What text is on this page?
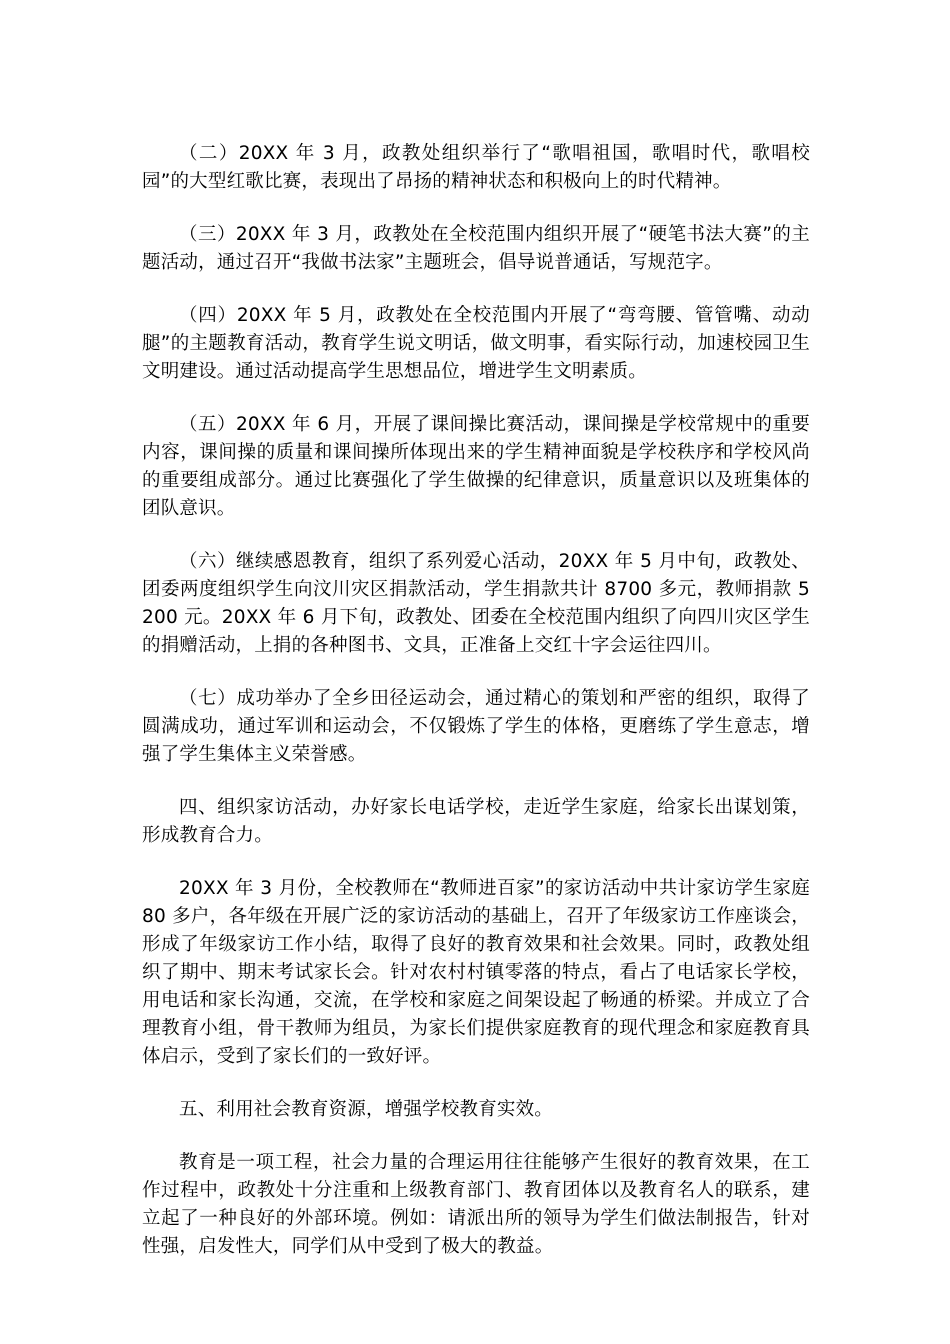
（二）20XX 年 3 月，政教处组织举行了“歌唱祖国，歌唱时代，歌唱校园”的大型红歌比赛，表现出了昂扬的精神状态和积极向上的时代精神。

（三）20XX 年 3 月，政教处在全校范围内组织开展了“硬笔书法大赛”的主题活动，通过召开“我做书法家”主题班会，倡导说普通话，写规范字。

（四）20XX 年 5 月，政教处在全校范围内开展了“弯弯腰、管管嘴、动动腿”的主题教育活动，教育学生说文明话，做文明事，看实际行动，加速校园卫生文明建设。通过活动提高学生思想品位，增进学生文明素质。

（五）20XX 年 6 月，开展了课间操比赛活动，课间操是学校常规中的重要内容，课间操的质量和课间操所体现出来的学生精神面貌是学校秩序和学校风尚的重要组成部分。通过比赛强化了学生做操的纪律意识，质量意识以及班集体的团队意识。

（六）继续感恩教育，组织了系列爱心活动，20XX 年 5 月中旬，政教处、团委两度组织学生向汶川灾区捐款活动，学生捐款共计 8700 多元，教师捐款 5200 元。20XX 年 6 月下旬，政教处、团委在全校范围内组织了向四川灾区学生的捐赠活动，上捐的各种图书、文具，正准备上交红十字会运往四川。

（七）成功举办了全乡田径运动会，通过精心的策划和严密的组织，取得了圆满成功，通过军训和运动会，不仅锻炼了学生的体格，更磨练了学生意志，增强了学生集体主义荣誉感。

四、组织家访活动，办好家长电话学校，走近学生家庭，给家长出谋划策，形成教育合力。

20XX 年 3 月份，全校教师在“教师进百家”的家访活动中共计家访学生家庭 80 多户，各年级在开展广泛的家访活动的基础上，召开了年级家访工作座谈会，形成了年级家访工作小结，取得了良好的教育效果和社会效果。同时，政教处组织了期中、期末考试家长会。针对农村村镇零落的特点，看占了电话家长学校，用电话和家长沟通，交流，在学校和家庭之间架设起了畅通的桥梁。并成立了合理教育小组，骨干教师为组员，为家长们提供家庭教育的现代理念和家庭教育具体启示，受到了家长们的一致好评。

五、利用社会教育资源，增强学校教育实效。

教育是一项工程，社会力量的合理运用往往能够产生很好的教育效果，在工作过程中，政教处十分注重和上级教育部门、教育团体以及教育名人的联系，建立起了一种良好的外部环境。例如：请派出所的领导为学生们做法制报告，针对性强，启发性大，同学们从中受到了极大的教益。
